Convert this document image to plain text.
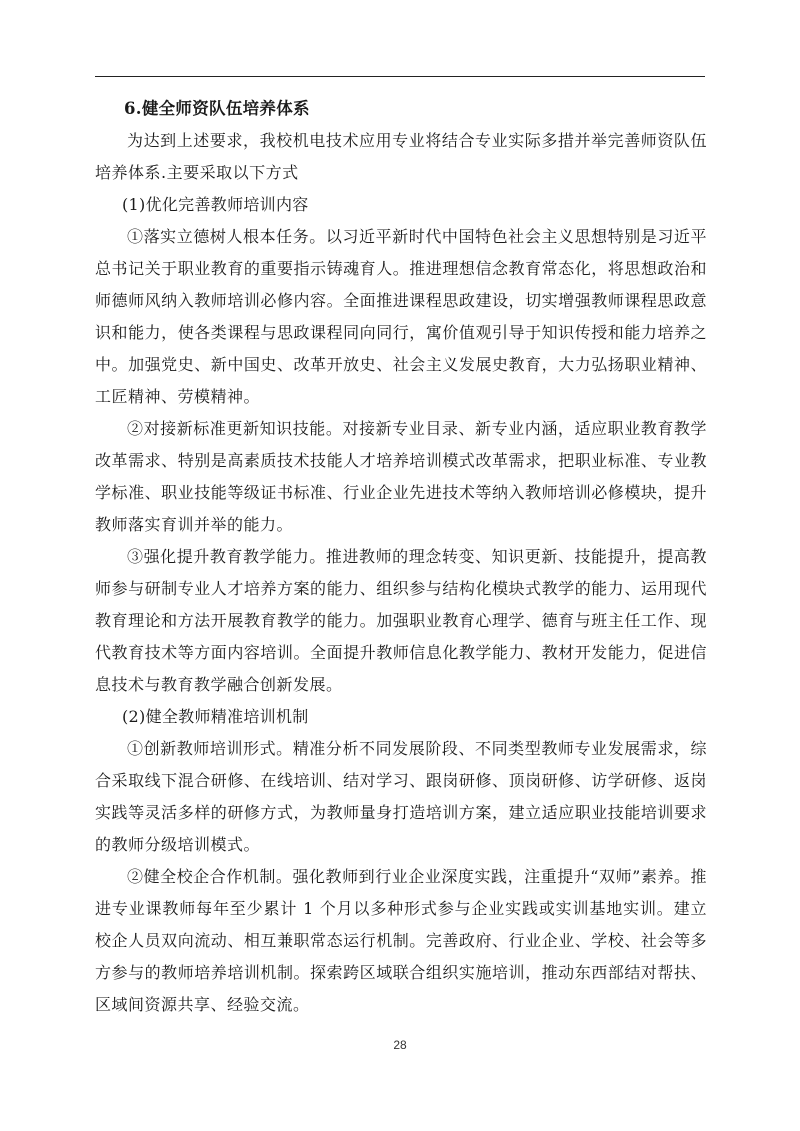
6.健全师资队伍培养体系

为达到上述要求，我校机电技术应用专业将结合专业实际多措并举完善师资队伍培养体系.主要采取以下方式

(1)优化完善教师培训内容

①落实立德树人根本任务。以习近平新时代中国特色社会主义思想特别是习近平总书记关于职业教育的重要指示铸魂育人。推进理想信念教育常态化，将思想政治和师德师风纳入教师培训必修内容。全面推进课程思政建设，切实增强教师课程思政意识和能力，使各类课程与思政课程同向同行，寓价值观引导于知识传授和能力培养之中。加强党史、新中国史、改革开放史、社会主义发展史教育，大力弘扬职业精神、工匠精神、劳模精神。

②对接新标准更新知识技能。对接新专业目录、新专业内涵，适应职业教育教学改革需求、特别是高素质技术技能人才培养培训模式改革需求，把职业标准、专业教学标准、职业技能等级证书标准、行业企业先进技术等纳入教师培训必修模块，提升教师落实育训并举的能力。

③强化提升教育教学能力。推进教师的理念转变、知识更新、技能提升，提高教师参与研制专业人才培养方案的能力、组织参与结构化模块式教学的能力、运用现代教育理论和方法开展教育教学的能力。加强职业教育心理学、德育与班主任工作、现代教育技术等方面内容培训。全面提升教师信息化教学能力、教材开发能力，促进信息技术与教育教学融合创新发展。

(2)健全教师精准培训机制

①创新教师培训形式。精准分析不同发展阶段、不同类型教师专业发展需求，综合采取线下混合研修、在线培训、结对学习、跟岗研修、顶岗研修、访学研修、返岗实践等灵活多样的研修方式，为教师量身打造培训方案，建立适应职业技能培训要求的教师分级培训模式。

②健全校企合作机制。强化教师到行业企业深度实践，注重提升“双师”素养。推进专业课教师每年至少累计 1 个月以多种形式参与企业实践或实训基地实训。建立校企人员双向流动、相互兼职常态运行机制。完善政府、行业企业、学校、社会等多方参与的教师培养培训机制。探索跨区域联合组织实施培训，推动东西部结对帮扶、区域间资源共享、经验交流。

28
